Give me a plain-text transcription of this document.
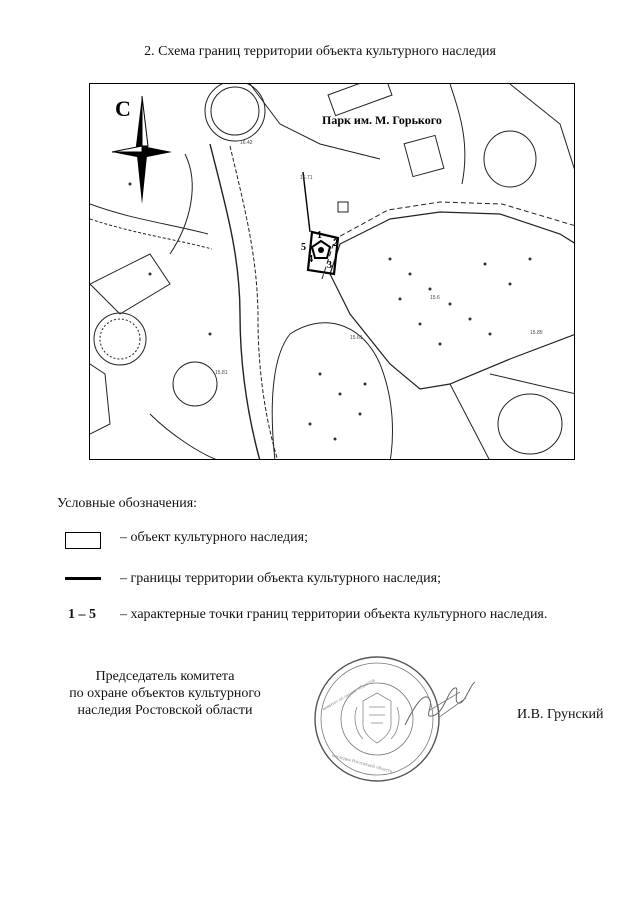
2. Схема границ территории объекта культурного наследия
1
2
3
4
5
Парк им. М. Горького
С
16.42
16.71
15.6
15.61
15.81
15.85
Условные обозначения:
– объект культурного наследия;
– границы территории объекта культурного наследия;
1 – 5 – характерные точки границ территории объекта культурного наследия.
Председатель комитета
по охране объектов культурного
наследия Ростовской области	комитет по охране объектов
наследия Ростовской области
И.В. Грунский
